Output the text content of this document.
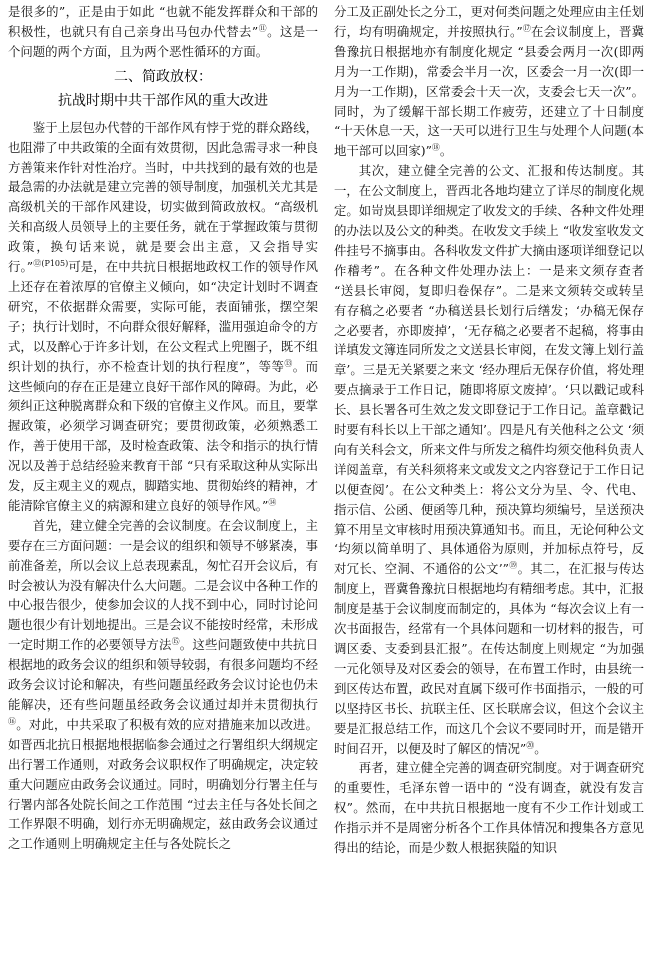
是很多的”，正是由于如此 “也就不能发挥群众和干部的积极性，也就只有自己亲身出马包办代替去”⑪。这是一个问题的两个方面，且为两个恶性循环的方面。

二、简政放权：
抗战时期中共干部作风的重大改进

鉴于上层包办代替的干部作风有悖于党的群众路线，也阻滞了中共政策的全面有效贯彻，因此急需寻求一种良方善策来作针对性治疗。当时，中共找到的最有效的也是最急需的办法就是建立完善的领导制度，加强机关尤其是高级机关的干部作风建设，切实做到简政放权。“高级机关和高级人员领导上的主要任务，就在于掌握政策与贯彻政策，换句话来说，就是要会出主意，又会指导实行。”$^{⑫(P105)}$可是，在中共抗日根据地政权工作的领导作风上还存在着浓厚的官僚主义倾向，如“决定计划时不调查研究，不依据群众需要，实际可能，表面铺张，摆空架子；执行计划时，不向群众很好解释，滥用强迫命令的方式，以及醉心于许多计划，在公文程式上兜圈子，既不组织计划的执行，亦不检查计划的执行程度”，等等⑬。而这些倾向的存在正是建立良好干部作风的障碍。为此，必须纠正这种脱离群众和下级的官僚主义作风。而且，要掌握政策，必须学习调查研究；要贯彻政策，必须熟悉工作，善于使用干部，及时检查政策、法令和指示的执行情况以及善于总结经验来教育干部 “只有采取这种从实际出发，反主观主义的观点，脚踏实地、贯彻始终的精神，才能清除官僚主义的病源和建立良好的领导作风。”⑭

首先，建立健全完善的会议制度。在会议制度上，主要存在三方面问题：一是会议的组织和领导不够紧凑，事前准备差，所以会议上总表现素乱，匆忙召开会议后，有时会被认为没有解决什么大问题。二是会议中各种工作的中心报告很少，使参加会议的人找不到中心，同时讨论问题也很少有计划地提出。三是会议不能按时经常，未形成一定时期工作的必要领导方法⑮。这些问题致使中共抗日根据地的政务会议的组织和领导较弱，有很多问题均不经政务会议讨论和解决，有些问题虽经政务会议讨论也仍未能解决，还有些问题虽经政务会议通过却并未贯彻执行⑯。对此，中共采取了积极有效的应对措施来加以改进。如晋西北抗日根据地根据临参会通过之行署组织大纲规定出行署工作通则，对政务会议职权作了明确规定，决定较重大问题应由政务会议通过。同时，明确划分行署主任与行署内部各处院长间之工作范围 “过去主任与各处长间之工作界限不明确，划行亦无明确规定，兹由政务会议通过之工作通则上明确规定主任与各处院长之

分工及正副处长之分工，更对何类问题之处理应由主任划行，均有明确规定，并按照执行。”⑰在会议制度上，晋冀鲁豫抗日根据地亦有制度化规定 “县委会两月一次(即两月为一工作期)，常委会半月一次，区委会一月一次(即一月为一工作期)，区常委会十天一次，支委会七天一次”。同时，为了缓解干部长期工作疲劳，还建立了十日制度 “十天休息一天，这一天可以进行卫生与处理个人问题(本地干部可以回家)”⑱。

其次，建立健全完善的公文、汇报和传达制度。其一，在公文制度上，晋西北各地均建立了详尽的制度化规定。如岢岚县即详细规定了收发文的手续、各种文件处理的办法以及公文的种类。在收发文手续上 “收发室收发文件挂号不摘事由。各科收发文件扩大摘由逐项详细登记以作稽考”。在各种文件处理办法上：一是来文须存查者 “送县长审阅，复即归卷保存”。二是来文须转交或转呈有存稿之必要者 “办稿送县长划行后缮发；‘办稿无保存之必要者，亦即废掉’，‘无存稿之必要者不起稿，将事由详填发文簿连同所发之文送县长审阅，在发文簿上划行盖章’。三是无关紧要之来文 ‘经办理后无保存价值，将处理要点摘录于工作日记，随即将原文废掉’。‘只以戳记或科长、县长署各可生效之发文即登记于工作日记。盖章戳记时要有科长以上干部之通知’。四是凡有关他科之公文 ‘须向有关科会文，所来文件与所发之稿件均须交他科负责人详阅盖章，有关科须将来文或发文之内容登记于工作日记以便查阅’。在公文种类上：将公文分为呈、令、代电、指示信、公函、便函等几种，预决算均须编号，呈送预决算不用呈文审核时用预决算通知书。而且，无论何种公文 ‘均须以简单明了、具体通俗为原则，并加标点符号，反对冗长、空洞、不通俗的公文’”⑲。其二，在汇报与传达制度上，晋冀鲁豫抗日根据地均有精细考虑。其中，汇报制度是基于会议制度而制定的，具体为 “每次会议上有一次书面报告，经常有一个具体问题和一切材料的报告，可调区委、支委到县汇报”。在传达制度上则规定 “为加强一元化领导及对区委会的领导，在布置工作时，由县统一到区传达布置，政民对直属下级可作书面指示，一般的可以坚持区书长、抗联主任、区长联席会议，但这个会议主要是汇报总结工作，而这几个会议不要同时开，而是错开时间召开，以便及时了解区的情况”⑳。

再者，建立健全完善的调查研究制度。对于调查研究的重要性，毛泽东曾一语中的 “没有调查，就没有发言权”。然而，在中共抗日根据地一度有不少工作计划或工作指示并不是周密分析各个工作具体情况和搜集各方意见得出的结论，而是少数人根据狭隘的知识
